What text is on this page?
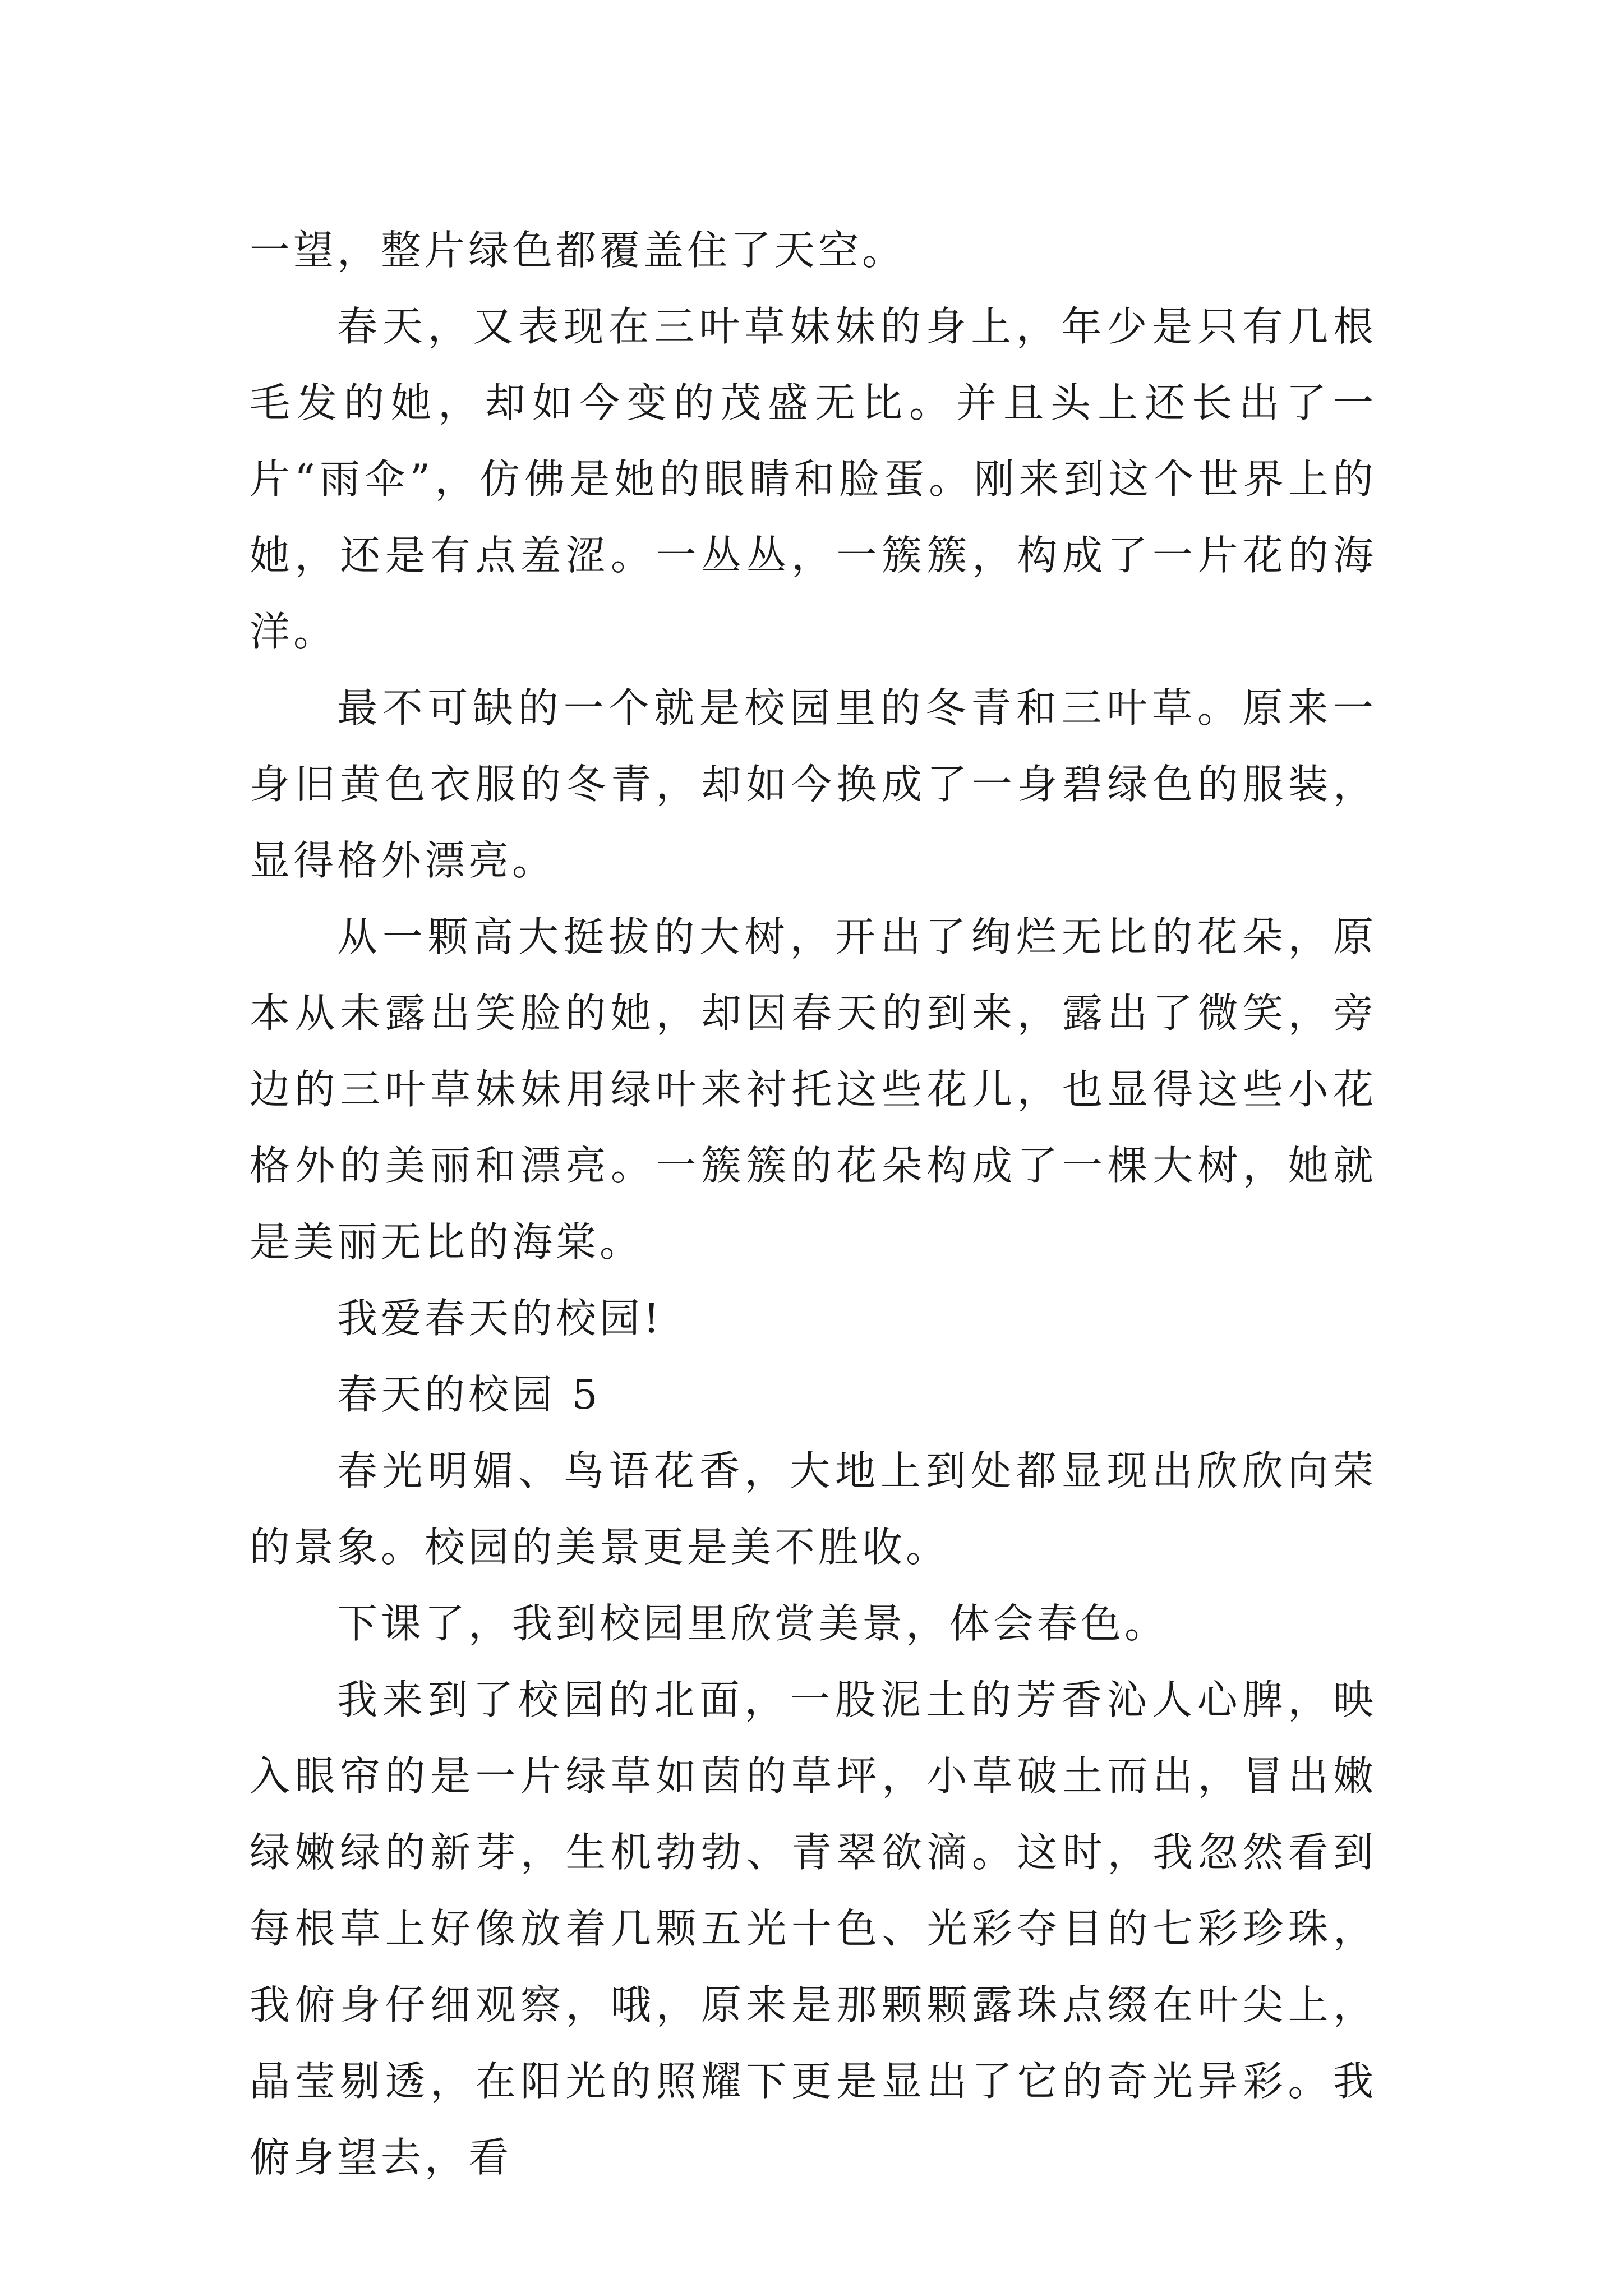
一望，整片绿色都覆盖住了天空。

春天，又表现在三叶草妹妹的身上，年少是只有几根毛发的她，却如今变的茂盛无比。并且头上还长出了一片“雨伞”，仿佛是她的眼睛和脸蛋。刚来到这个世界上的她，还是有点羞涩。一丛丛，一簇簇，构成了一片花的海洋。

最不可缺的一个就是校园里的冬青和三叶草。原来一身旧黄色衣服的冬青，却如今换成了一身碧绿色的服装，显得格外漂亮。

从一颗高大挺拔的大树，开出了绚烂无比的花朵，原本从未露出笑脸的她，却因春天的到来，露出了微笑，旁边的三叶草妹妹用绿叶来衬托这些花儿，也显得这些小花格外的美丽和漂亮。一簇簇的花朵构成了一棵大树，她就是美丽无比的海棠。

我爱春天的校园!

春天的校园 5

春光明媚、鸟语花香，大地上到处都显现出欣欣向荣的景象。校园的美景更是美不胜收。

下课了，我到校园里欣赏美景，体会春色。

我来到了校园的北面，一股泥土的芳香沁人心脾，映入眼帘的是一片绿草如茵的草坪，小草破土而出，冒出嫩绿嫩绿的新芽，生机勃勃、青翠欲滴。这时，我忽然看到每根草上好像放着几颗五光十色、光彩夺目的七彩珍珠，我俯身仔细观察，哦，原来是那颗颗露珠点缀在叶尖上，晶莹剔透，在阳光的照耀下更是显出了它的奇光异彩。我俯身望去，看
